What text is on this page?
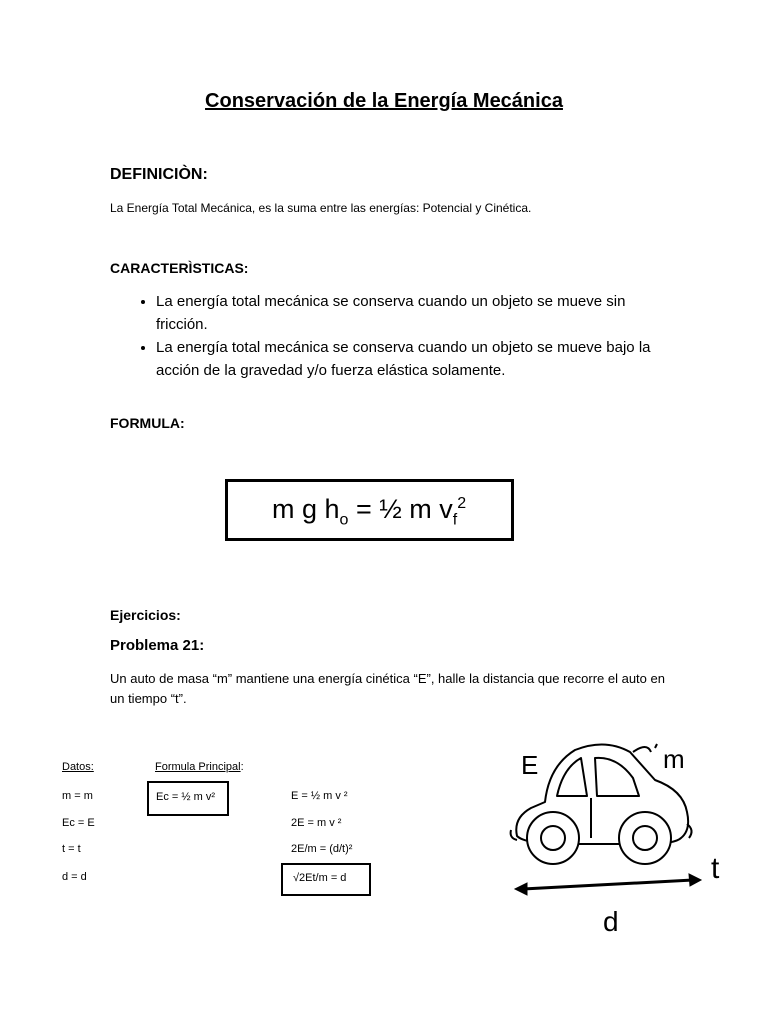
Conservación de la Energía Mecánica
DEFINICIÒN:
La Energía Total Mecánica, es la suma entre las energías: Potencial y Cinética.
CARACTERÌSTICAS:
• La energía total mecánica se conserva cuando un objeto se mueve sin fricción.
• La energía total mecánica se conserva cuando un objeto se mueve bajo la acción de la gravedad y/o fuerza elástica solamente.
FORMULA:
m g $h_o$ = ½ m $v_f^2$
Ejercicios:
Problema 21:
Un auto de masa “m” mantiene una energía cinética “E”, halle la distancia que recorre el auto en un tiempo “t”.
Datos:	Formula Principal:
m = m
Ec = E
t = t
d = d
Ec = ½ m v²	E = ½ m v ²
2E = m v ²
2E/m = (d/t)²
√2Et/m = d
E	m
t
d
